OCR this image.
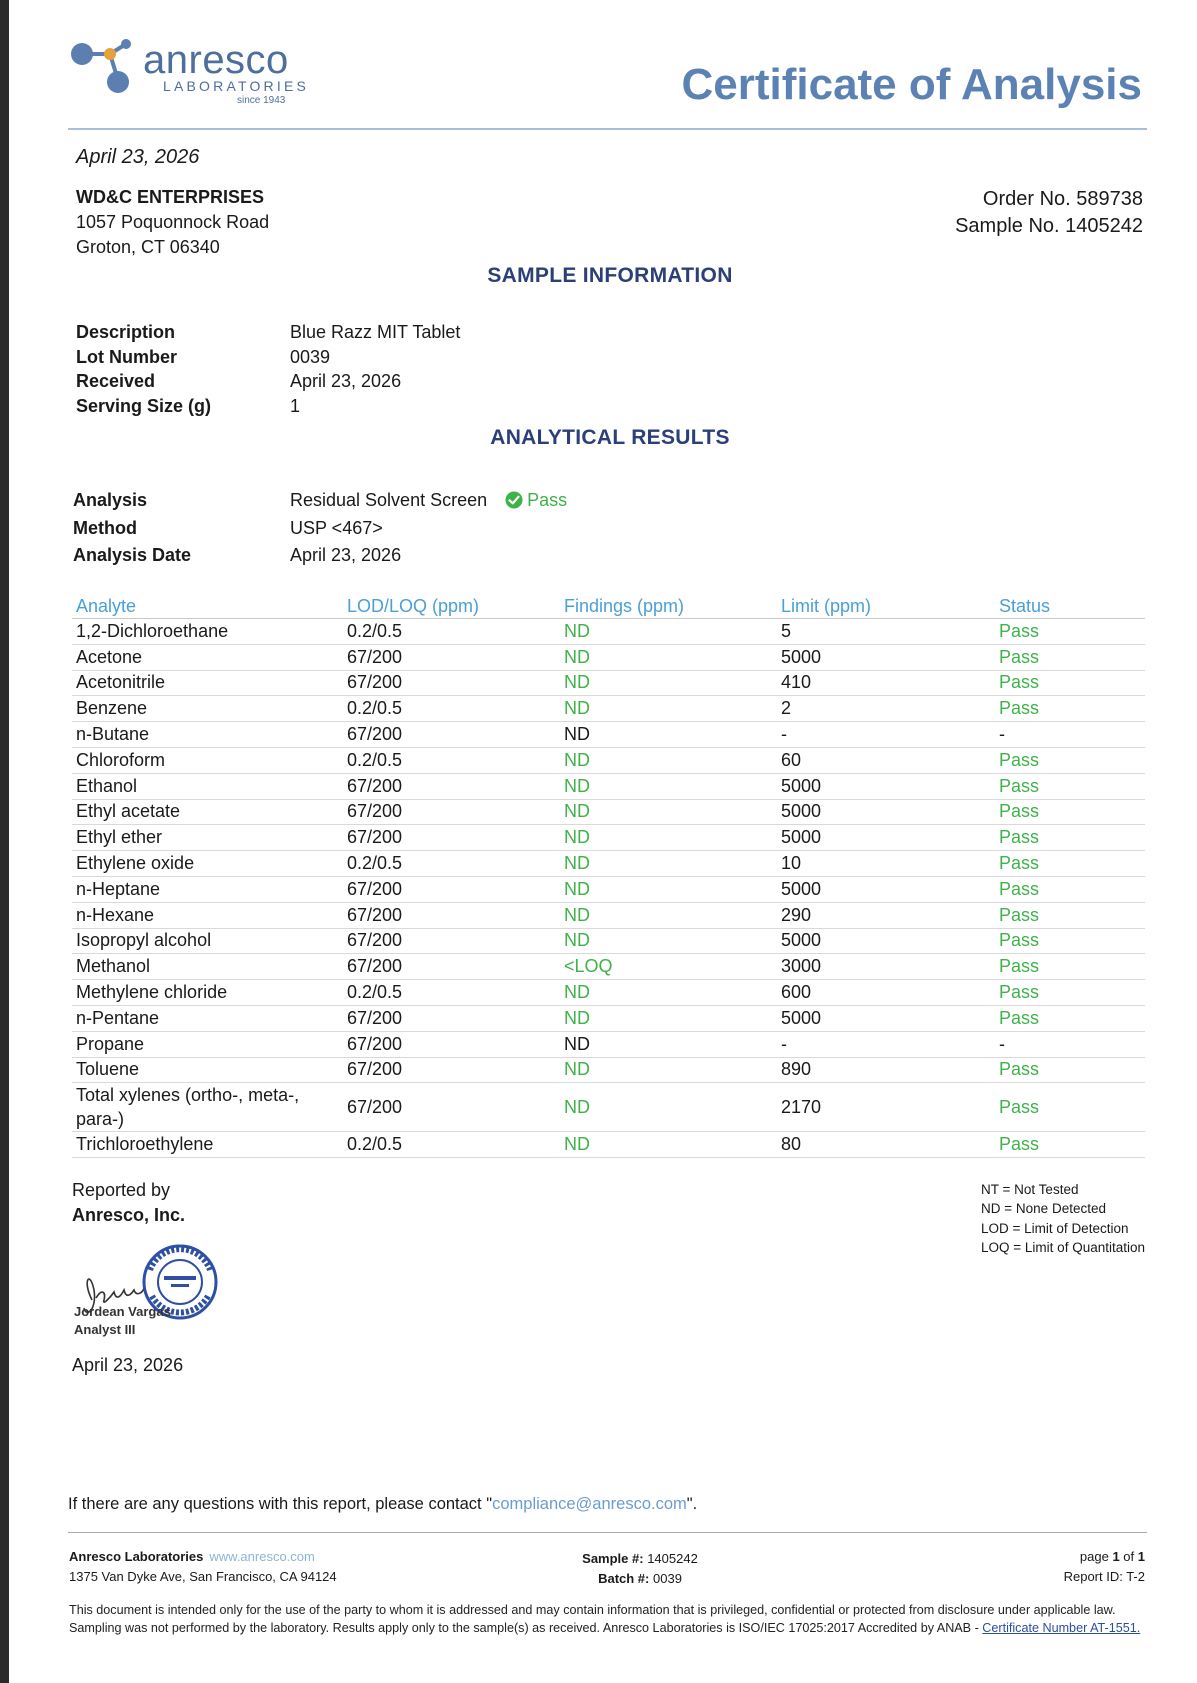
anresco
LABORATORIES
since 1943	Certificate of Analysis
April 23, 2026
WD&C ENTERPRISES
1057 Poquonnock Road
Groton, CT 06340
Order No. 589738
Sample No. 1405242
SAMPLE INFORMATION
Description	Blue Razz MIT Tablet
Lot Number	0039
Received	April 23, 2026
Serving Size (g)	1
ANALYTICAL RESULTS
Analysis	Residual Solvent Screen Pass
Method	USP <467>
Analysis Date	April 23, 2026
Analyte	LOD/LOQ (ppm)	Findings (ppm)	Limit (ppm)	Status
1,2-Dichloroethane	0.2/0.5	ND	5	Pass
Acetone	67/200	ND	5000	Pass
Acetonitrile	67/200	ND	410	Pass
Benzene	0.2/0.5	ND	2	Pass
n-Butane	67/200	ND	-	-
Chloroform	0.2/0.5	ND	60	Pass
Ethanol	67/200	ND	5000	Pass
Ethyl acetate	67/200	ND	5000	Pass
Ethyl ether	67/200	ND	5000	Pass
Ethylene oxide	0.2/0.5	ND	10	Pass
n-Heptane	67/200	ND	5000	Pass
n-Hexane	67/200	ND	290	Pass
Isopropyl alcohol	67/200	ND	5000	Pass
Methanol	67/200	<LOQ	3000	Pass
Methylene chloride	0.2/0.5	ND	600	Pass
n-Pentane	67/200	ND	5000	Pass
Propane	67/200	ND	-	-
Toluene	67/200	ND	890	Pass
Total xylenes (ortho-, meta-, para-)	67/200	ND	2170	Pass
Trichloroethylene	0.2/0.5	ND	80	Pass
Reported by
Anresco, Inc.
NT = Not Tested
ND = None Detected
LOD = Limit of Detection
LOQ = Limit of Quantitation
Jordean Vargas
Analyst III
April 23, 2026
If there are any questions with this report, please contact "compliance@anresco.com".
Anresco Laboratories www.anresco.com
1375 Van Dyke Ave, San Francisco, CA 94124
Sample #: 1405242
Batch #: 0039
page 1 of 1
Report ID: T-2
This document is intended only for the use of the party to whom it is addressed and may contain information that is privileged, confidential or protected from disclosure under applicable law. Sampling was not performed by the laboratory. Results apply only to the sample(s) as received. Anresco Laboratories is ISO/IEC 17025:2017 Accredited by ANAB - Certificate Number AT-1551.
